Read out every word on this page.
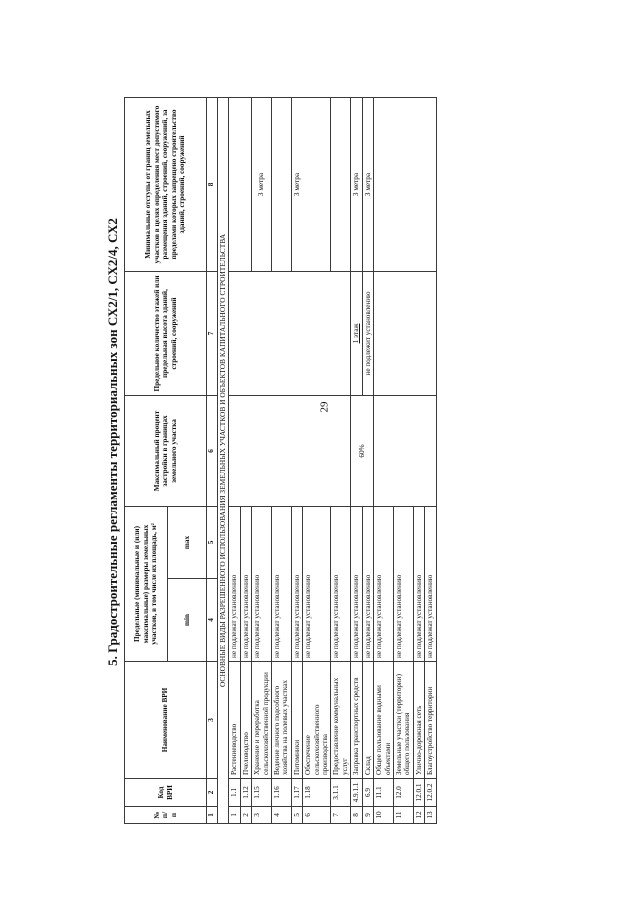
29
5. Градостроительные регламенты территориальных зон СХ2/1, СХ2/4, СХ2
№ п/п	Код ВРИ	Наименование ВРИ	Предельные (минимальные и (или) максимальные) размеры земельных участков, в том числе их площадь, м²		Максимальный процент застройки в границах земельного участка	Предельное количество этажей или предельная высота зданий, строений, сооружений	Минимальные отступы от границ земельных участков в целях определения мест допустимого размещения зданий, строений, сооружений, за пределами которых запрещено строительство зданий, строений, сооружений
			min	max			
1	2	3	4	5	6	7	8
ОСНОВНЫЕ ВИДЫ РАЗРЕШЕННОГО ИСПОЛЬЗОВАНИЯ ЗЕМЕЛЬНЫХ УЧАСТКОВ И ОБЪЕКТОВ КАПИТАЛЬНОГО СТРОИТЕЛЬСТВА							
1	1.1	Растениеводство	не подлежат установлению				
2	1.12	Пчеловодство	не подлежат установлению				
3	1.15	Хранение и переработка сельскохозяйственной продукции	не подлежат установлению				3 метра
4	1.16	Ведение личного подсобного хозяйства на полевых участках	не подлежат установлению				
5	1.17	Питомники	не подлежат установлению				3 метра
6	1.18	Обеспечение сельскохозяйственного производства	не подлежат установлению				
7	3.1.1	Предоставление коммунальных услуг	не подлежат установлению				
8	4.9.1.1	Заправка транспортных средств	не подлежат установлению		60%	1 этаж	3 метра
9	6.9	Склад	не подлежат установлению			не подлежит установлению	3 метра
10	11.1	Общее пользование водными объектами	не подлежат установлению				
11	12.0	Земельные участки (территории) общего пользования	не подлежат установлению				
12	12.0.1	Улично-дорожная сеть	не подлежат установлению				
13	12.0.2	Благоустройство территории	не подлежат установлению				
